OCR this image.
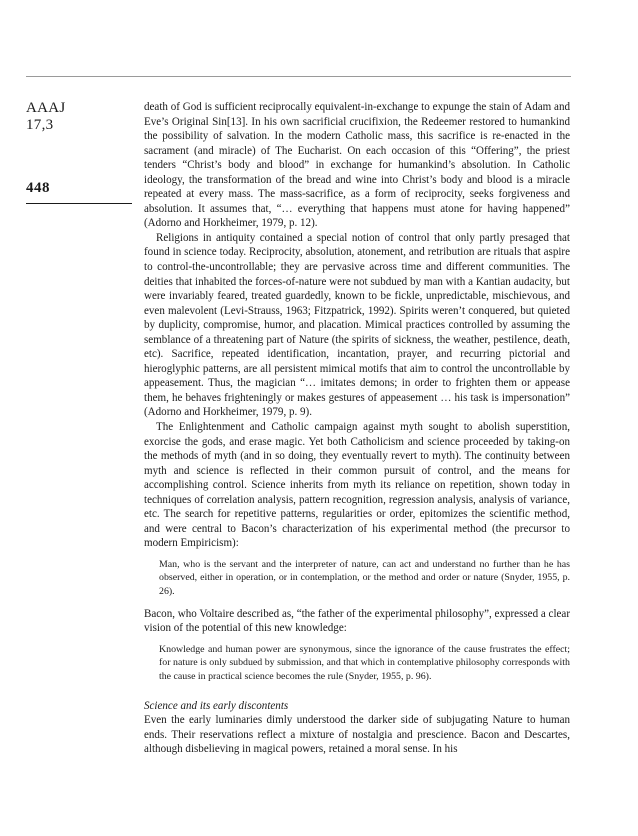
AAAJ
17,3
448

death of God is sufficient reciprocally equivalent-in-exchange to expunge the stain of Adam and Eve’s Original Sin[13]. In his own sacrificial crucifixion, the Redeemer restored to humankind the possibility of salvation. In the modern Catholic mass, this sacrifice is re-enacted in the sacrament (and miracle) of The Eucharist. On each occasion of this “Offering”, the priest tenders “Christ’s body and blood” in exchange for humankind’s absolution. In Catholic ideology, the transformation of the bread and wine into Christ’s body and blood is a miracle repeated at every mass. The mass-sacrifice, as a form of reciprocity, seeks forgiveness and absolution. It assumes that, “… everything that happens must atone for having happened” (Adorno and Horkheimer, 1979, p. 12).

Religions in antiquity contained a special notion of control that only partly presaged that found in science today. Reciprocity, absolution, atonement, and retribution are rituals that aspire to control-the-uncontrollable; they are pervasive across time and different communities. The deities that inhabited the forces-of-nature were not subdued by man with a Kantian audacity, but were invariably feared, treated guardedly, known to be fickle, unpredictable, mischievous, and even malevolent (Levi-Strauss, 1963; Fitzpatrick, 1992). Spirits weren’t conquered, but quieted by duplicity, compromise, humor, and placation. Mimical practices controlled by assuming the semblance of a threatening part of Nature (the spirits of sickness, the weather, pestilence, death, etc). Sacrifice, repeated identification, incantation, prayer, and recurring pictorial and hieroglyphic patterns, are all persistent mimical motifs that aim to control the uncontrollable by appeasement. Thus, the magician “… imitates demons; in order to frighten them or appease them, he behaves frighteningly or makes gestures of appeasement … his task is impersonation” (Adorno and Horkheimer, 1979, p. 9).

The Enlightenment and Catholic campaign against myth sought to abolish superstition, exorcise the gods, and erase magic. Yet both Catholicism and science proceeded by taking-on the methods of myth (and in so doing, they eventually revert to myth). The continuity between myth and science is reflected in their common pursuit of control, and the means for accomplishing control. Science inherits from myth its reliance on repetition, shown today in techniques of correlation analysis, pattern recognition, regression analysis, analysis of variance, etc. The search for repetitive patterns, regularities or order, epitomizes the scientific method, and were central to Bacon’s characterization of his experimental method (the precursor to modern Empiricism):

Man, who is the servant and the interpreter of nature, can act and understand no further than he has observed, either in operation, or in contemplation, or the method and order or nature (Snyder, 1955, p. 26).

Bacon, who Voltaire described as, “the father of the experimental philosophy”, expressed a clear vision of the potential of this new knowledge:

Knowledge and human power are synonymous, since the ignorance of the cause frustrates the effect; for nature is only subdued by submission, and that which in contemplative philosophy corresponds with the cause in practical science becomes the rule (Snyder, 1955, p. 96).

Science and its early discontents

Even the early luminaries dimly understood the darker side of subjugating Nature to human ends. Their reservations reflect a mixture of nostalgia and prescience. Bacon and Descartes, although disbelieving in magical powers, retained a moral sense. In his
